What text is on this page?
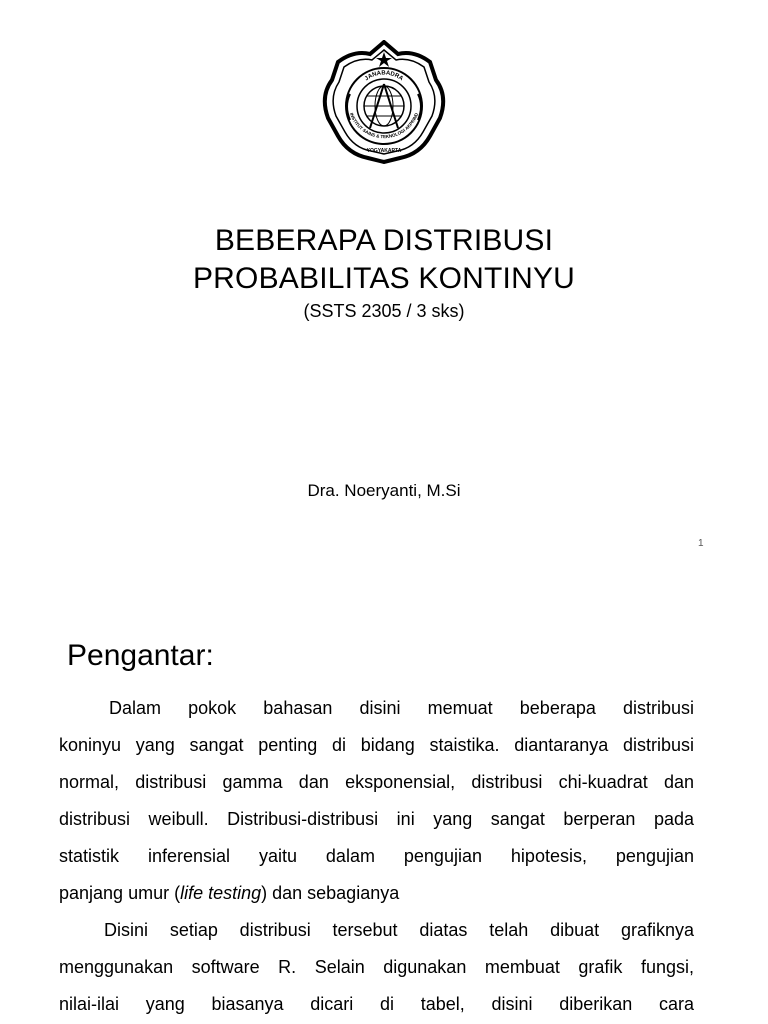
JANABADRA
INSTITUT SAINS & TEKNOLOGI AKPRIND
YOGYAKARTA
BEBERAPA DISTRIBUSI
PROBABILITAS KONTINYU
(SSTS 2305 / 3 sks)
Dra. Noeryanti, M.Si
1
Pengantar:
Dalam pokok bahasan disini memuat beberapa distribusi
koninyu yang sangat penting di bidang staistika. diantaranya distribusi
normal, distribusi gamma dan eksponensial, distribusi chi-kuadrat dan
distribusi weibull. Distribusi-distribusi ini yang sangat berperan pada
statistik inferensial yaitu dalam pengujian hipotesis, pengujian
panjang umur (life testing) dan sebagianya
Disini setiap distribusi tersebut diatas telah dibuat grafiknya
menggunakan software R. Selain digunakan membuat grafik fungsi,
nilai-ilai yang biasanya dicari di tabel, disini diberikan cara
